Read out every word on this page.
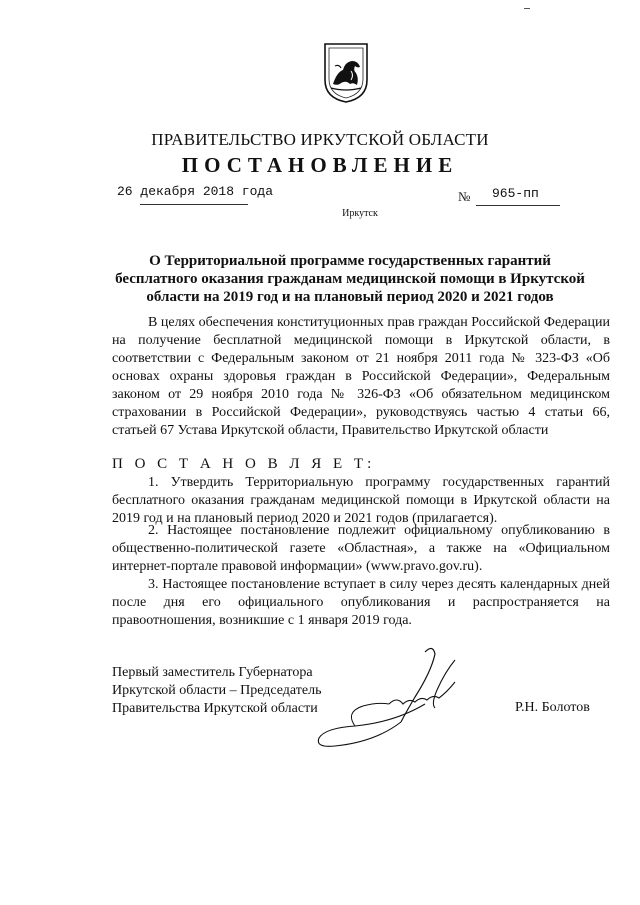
ПРАВИТЕЛЬСТВО ИРКУТСКОЙ ОБЛАСТИ
ПОСТАНОВЛЕНИЕ
26 декабря 2018 года	№ 965-пп
Иркутск
О Территориальной программе государственных гарантий бесплатного оказания гражданам медицинской помощи в Иркутской области на 2019 год и на плановый период 2020 и 2021 годов
В целях обеспечения конституционных прав граждан Российской Федерации на получение бесплатной медицинской помощи в Иркутской области, в соответствии с Федеральным законом от 21 ноября 2011 года № 323-ФЗ «Об основах охраны здоровья граждан в Российской Федерации», Федеральным законом от 29 ноября 2010 года № 326-ФЗ «Об обязательном медицинском страховании в Российской Федерации», руководствуясь частью 4 статьи 66, статьей 67 Устава Иркутской области, Правительство Иркутской области
П О С Т А Н О В Л Я Е Т:
1. Утвердить Территориальную программу государственных гарантий бесплатного оказания гражданам медицинской помощи в Иркутской области на 2019 год и на плановый период 2020 и 2021 годов (прилагается).
2. Настоящее постановление подлежит официальному опубликованию в общественно-политической газете «Областная», а также на «Официальном интернет-портале правовой информации» (www.pravo.gov.ru).
3. Настоящее постановление вступает в силу через десять календарных дней после дня его официального опубликования и распространяется на правоотношения, возникшие с 1 января 2019 года.
Первый заместитель Губернатора
Иркутской области – Председатель
Правительства Иркутской области	Р.Н. Болотов
